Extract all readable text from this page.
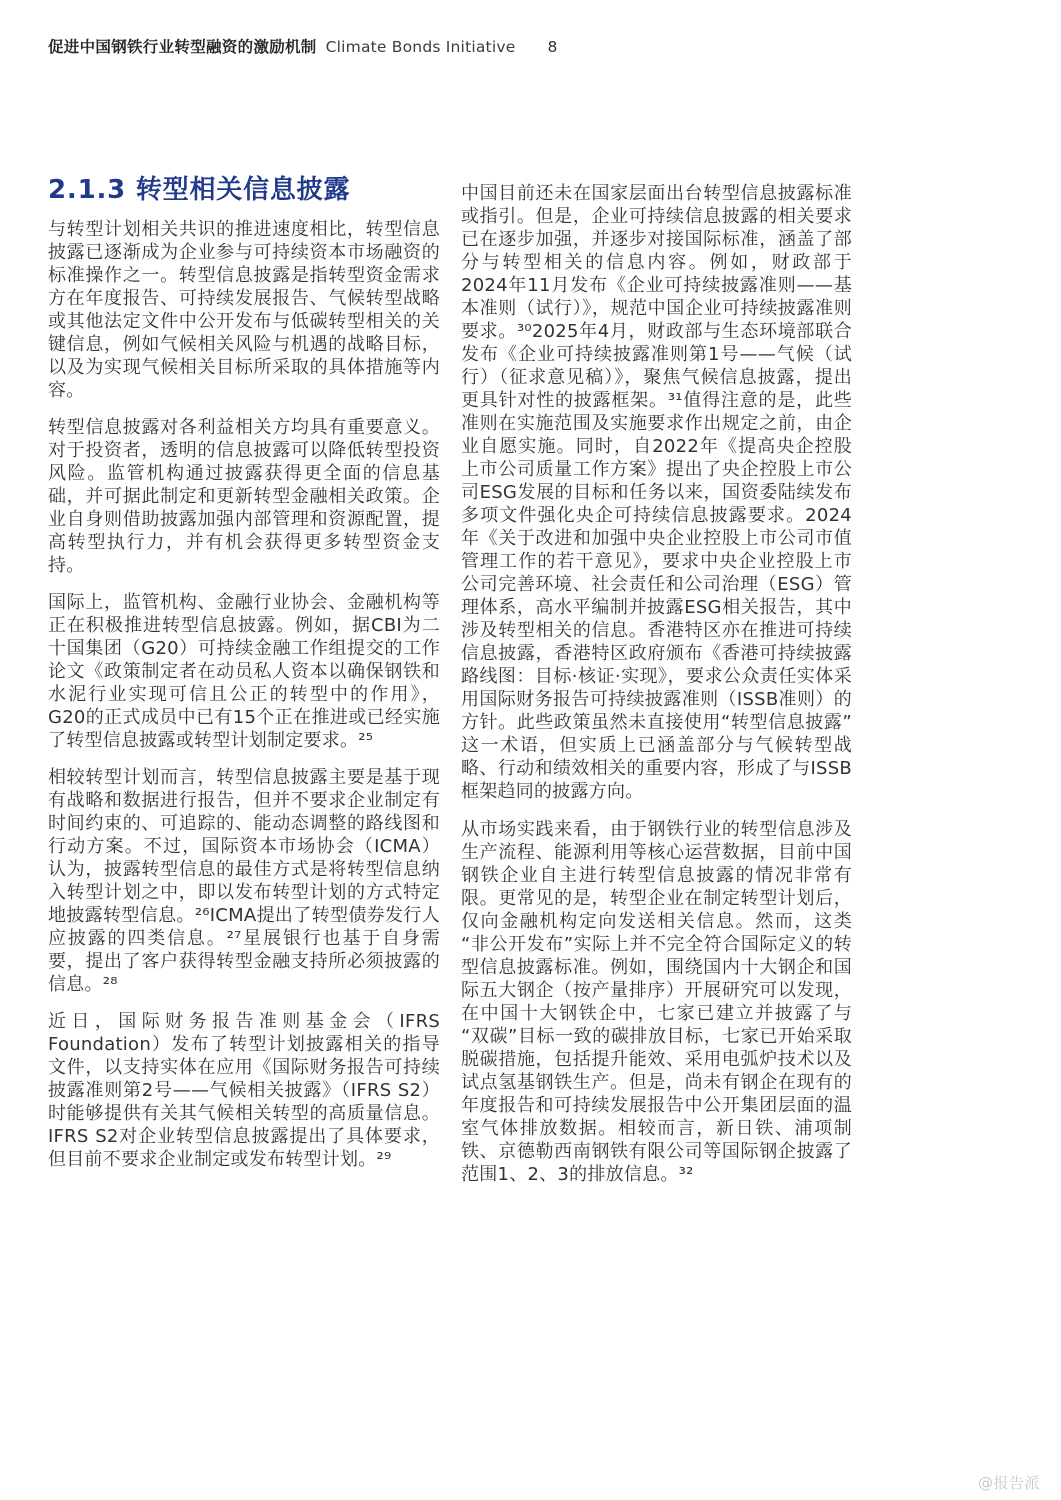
促进中国钢铁行业转型融资的激励机制 Climate Bonds Initiative 8
2.1.3 转型相关信息披露

与转型计划相关共识的推进速度相比，转型信息披露已逐渐成为企业参与可持续资本市场融资的标准操作之一。转型信息披露是指转型资金需求方在年度报告、可持续发展报告、气候转型战略或其他法定文件中公开发布与低碳转型相关的关键信息，例如气候相关风险与机遇的战略目标，以及为实现气候相关目标所采取的具体措施等内容。

转型信息披露对各利益相关方均具有重要意义。对于投资者，透明的信息披露可以降低转型投资风险。监管机构通过披露获得更全面的信息基础，并可据此制定和更新转型金融相关政策。企业自身则借助披露加强内部管理和资源配置，提高转型执行力，并有机会获得更多转型资金支持。

国际上，监管机构、金融行业协会、金融机构等正在积极推进转型信息披露。例如，据CBI为二十国集团（G20）可持续金融工作组提交的工作论文《政策制定者在动员私人资本以确保钢铁和水泥行业实现可信且公正的转型中的作用》，G20的正式成员中已有15个正在推进或已经实施了转型信息披露或转型计划制定要求。²⁵

相较转型计划而言，转型信息披露主要是基于现有战略和数据进行报告，但并不要求企业制定有时间约束的、可追踪的、能动态调整的路线图和行动方案。不过，国际资本市场协会（ICMA）认为，披露转型信息的最佳方式是将转型信息纳入转型计划之中，即以发布转型计划的方式特定地披露转型信息。²⁶ICMA提出了转型债券发行人应披露的四类信息。²⁷星展银行也基于自身需要，提出了客户获得转型金融支持所必须披露的信息。²⁸

近日，国际财务报告准则基金会（IFRS Foundation）发布了转型计划披露相关的指导文件，以支持实体在应用《国际财务报告可持续披露准则第2号——气候相关披露》（IFRS S2）时能够提供有关其气候相关转型的高质量信息。IFRS S2对企业转型信息披露提出了具体要求，但目前不要求企业制定或发布转型计划。²⁹

中国目前还未在国家层面出台转型信息披露标准或指引。但是，企业可持续信息披露的相关要求已在逐步加强，并逐步对接国际标准，涵盖了部分与转型相关的信息内容。例如，财政部于2024年11月发布《企业可持续披露准则——基本准则（试行）》，规范中国企业可持续披露准则要求。³⁰2025年4月，财政部与生态环境部联合发布《企业可持续披露准则第1号——气候（试行）（征求意见稿）》，聚焦气候信息披露，提出更具针对性的披露框架。³¹值得注意的是，此些准则在实施范围及实施要求作出规定之前，由企业自愿实施。同时，自2022年《提高央企控股上市公司质量工作方案》提出了央企控股上市公司ESG发展的目标和任务以来，国资委陆续发布多项文件强化央企可持续信息披露要求。2024年《关于改进和加强中央企业控股上市公司市值管理工作的若干意见》，要求中央企业控股上市公司完善环境、社会责任和公司治理（ESG）管理体系，高水平编制并披露ESG相关报告，其中涉及转型相关的信息。香港特区亦在推进可持续信息披露，香港特区政府颁布《香港可持续披露路线图：目标·核证·实现》，要求公众责任实体采用国际财务报告可持续披露准则（ISSB准则）的方针。此些政策虽然未直接使用“转型信息披露”这一术语，但实质上已涵盖部分与气候转型战略、行动和绩效相关的重要内容，形成了与ISSB框架趋同的披露方向。

从市场实践来看，由于钢铁行业的转型信息涉及生产流程、能源利用等核心运营数据，目前中国钢铁企业自主进行转型信息披露的情况非常有限。更常见的是，转型企业在制定转型计划后，仅向金融机构定向发送相关信息。然而，这类“非公开发布”实际上并不完全符合国际定义的转型信息披露标准。例如，围绕国内十大钢企和国际五大钢企（按产量排序）开展研究可以发现，在中国十大钢铁企中，七家已建立并披露了与“双碳”目标一致的碳排放目标，七家已开始采取脱碳措施，包括提升能效、采用电弧炉技术以及试点氢基钢铁生产。但是，尚未有钢企在现有的年度报告和可持续发展报告中公开集团层面的温室气体排放数据。相较而言，新日铁、浦项制铁、京德勒西南钢铁有限公司等国际钢企披露了范围1、2、3的排放信息。³²

@报告派
